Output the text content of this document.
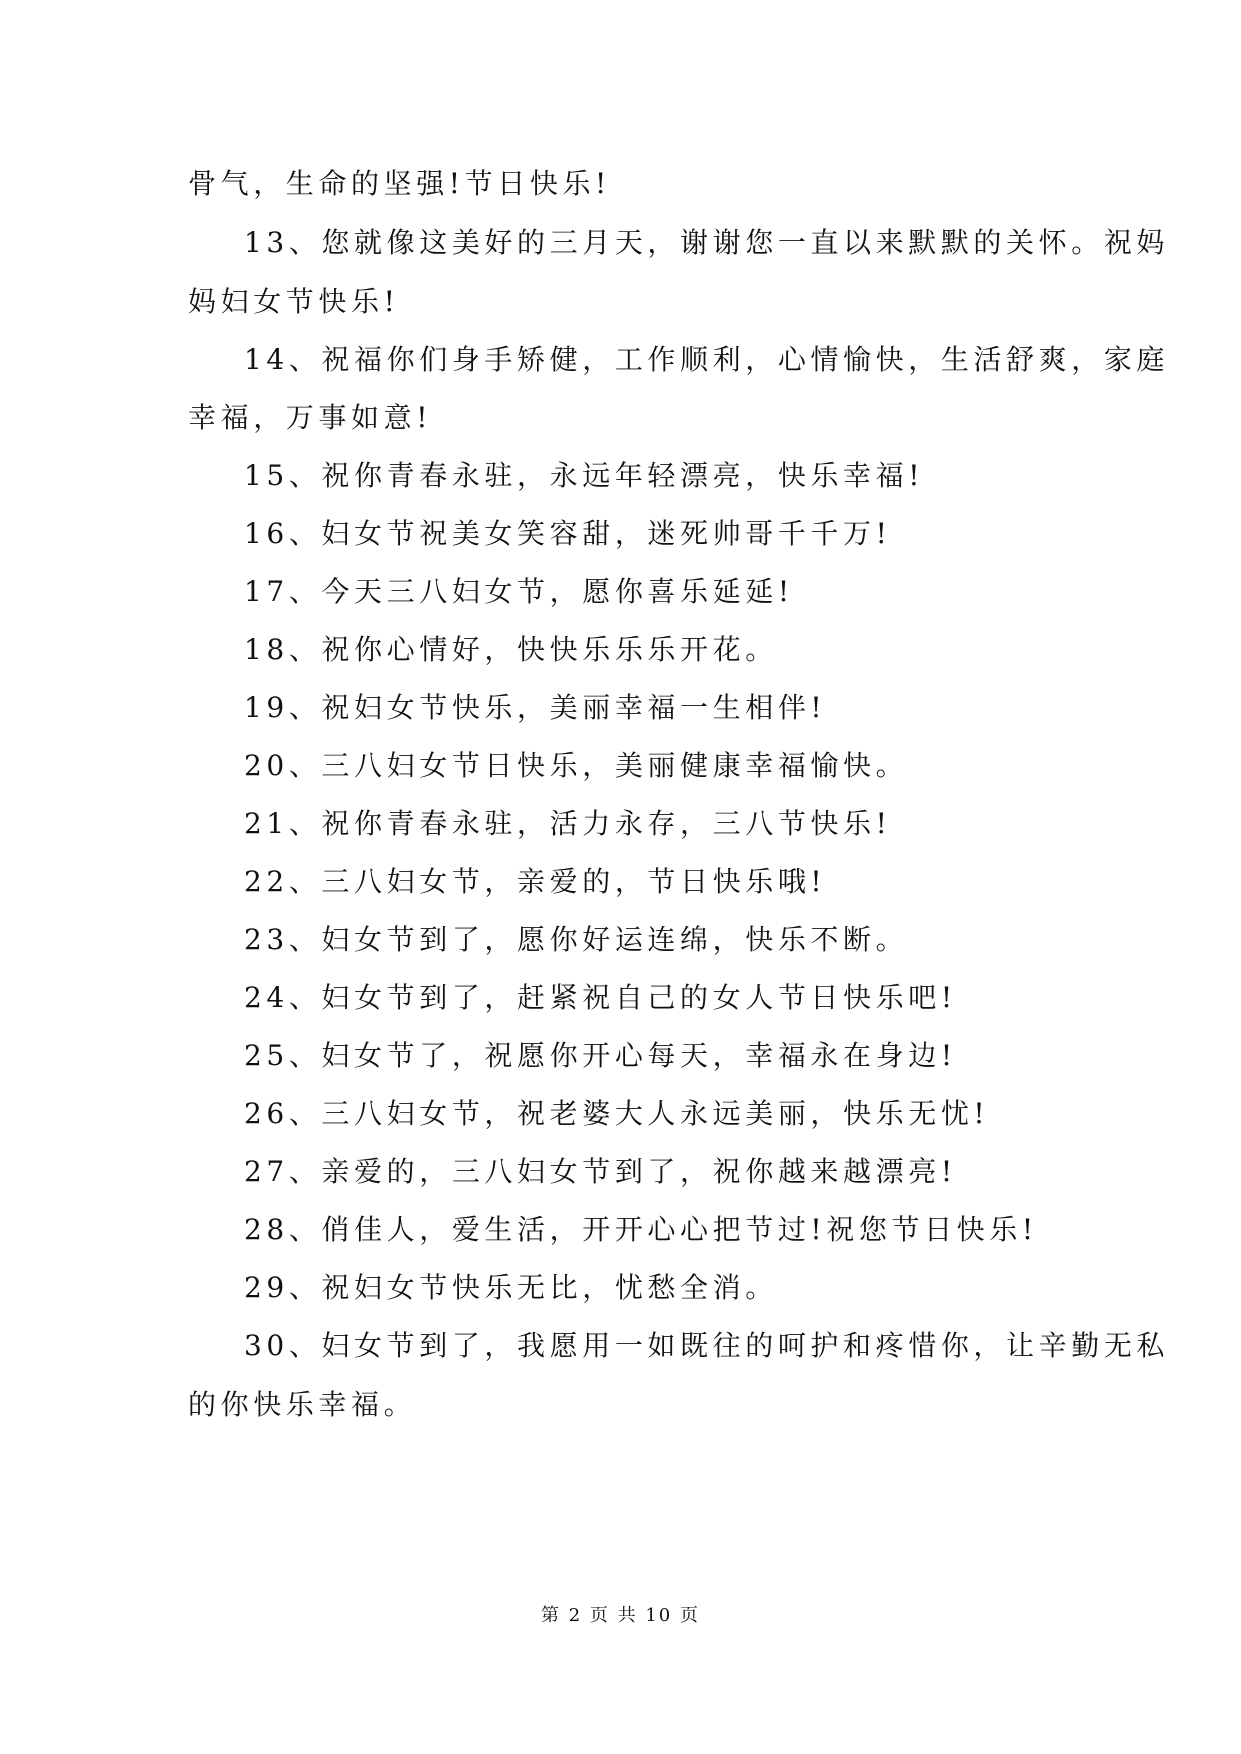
骨气，生命的坚强!节日快乐!
13、您就像这美好的三月天，谢谢您一直以来默默的关怀。祝妈
妈妇女节快乐!
14、祝福你们身手矫健，工作顺利，心情愉快，生活舒爽，家庭
幸福，万事如意!
15、祝你青春永驻，永远年轻漂亮，快乐幸福!
16、妇女节祝美女笑容甜，迷死帅哥千千万!
17、今天三八妇女节，愿你喜乐延延!
18、祝你心情好，快快乐乐乐开花。
19、祝妇女节快乐，美丽幸福一生相伴!
20、三八妇女节日快乐，美丽健康幸福愉快。
21、祝你青春永驻，活力永存，三八节快乐!
22、三八妇女节，亲爱的，节日快乐哦!
23、妇女节到了，愿你好运连绵，快乐不断。
24、妇女节到了，赶紧祝自己的女人节日快乐吧!
25、妇女节了，祝愿你开心每天，幸福永在身边!
26、三八妇女节，祝老婆大人永远美丽，快乐无忧!
27、亲爱的，三八妇女节到了，祝你越来越漂亮!
28、俏佳人，爱生活，开开心心把节过!祝您节日快乐!
29、祝妇女节快乐无比，忧愁全消。
30、妇女节到了，我愿用一如既往的呵护和疼惜你，让辛勤无私
的你快乐幸福。
第 2 页 共 10 页
